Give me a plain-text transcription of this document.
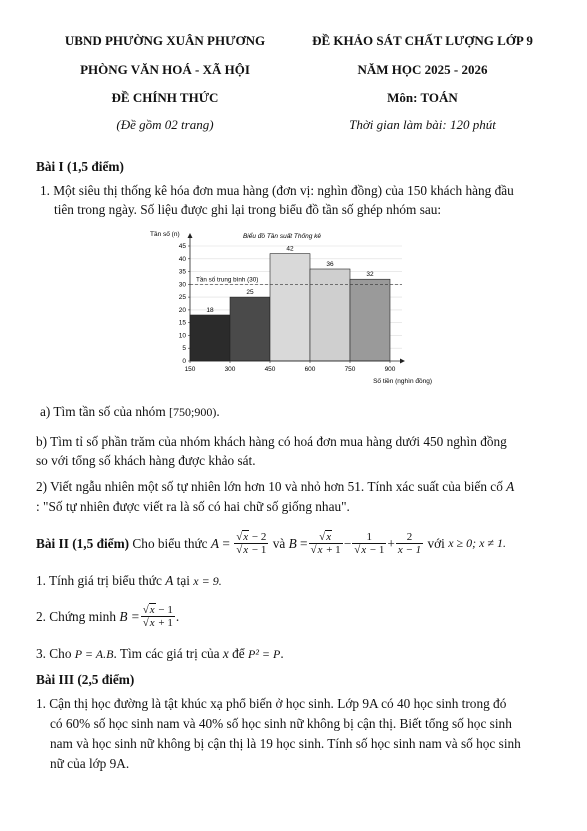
UBND PHƯỜNG XUÂN PHƯƠNG
PHÒNG VĂN HOÁ - XÃ HỘI
ĐỀ CHÍNH THỨC
(Đề gồm 02 trang)
ĐỀ KHẢO SÁT CHẤT LƯỢNG LỚP 9
NĂM HỌC 2025 - 2026
Môn: TOÁN
Thời gian làm bài: 120 phút
Bài I (1,5 điểm)
1. Một siêu thị thống kê hóa đơn mua hàng (đơn vị: nghìn đồng) của 150 khách hàng đầu
tiên trong ngày. Số liệu được ghi lại trong biểu đồ tần số ghép nhóm sau:
18
25
42
36
32
Tần số trung bình (30)
0
5
10
15
20
25
30
35
40
45
150	300	450	600	750	900
Biểu đồ Tần suất Thống kê
Tần số (n)
Số tiền (nghìn đồng)
a) Tìm tần số của nhóm [750;900).
b) Tìm tỉ số phần trăm của nhóm khách hàng có hoá đơn mua hàng dưới 450 nghìn đồng
so với tổng số khách hàng được khảo sát.
2) Viết ngẫu nhiên một số tự nhiên lớn hơn 10 và nhỏ hơn 51. Tính xác suất của biến cố A
: "Số tự nhiên được viết ra là số có hai chữ số giống nhau".
Bài II (1,5 điểm)
Cho biểu thức
$A = \frac{√x - 2}{√x - 1}$
và
$B = \frac{√x}{√x + 1} - \frac{1}{√x - 1} + \frac{2}{x - 1}$
với
x ≥ 0; x ≠ 1.
1. Tính giá trị biểu thức A tại x = 9.
2. Chứng minh
$B = \frac{√x - 1}{√x + 1}$ .
3. Cho P = A.B. Tìm các giá trị của x để P² = P.
Bài III (2,5 điểm)
1. Cận thị học đường là tật khúc xạ phổ biến ở học sinh. Lớp 9A có 40 học sinh trong đó
có 60% số học sinh nam và 40% số học sinh nữ không bị cận thị. Biết tổng số học sinh
nam và học sinh nữ không bị cận thị là 19 học sinh. Tính số học sinh nam và số học sinh
nữ của lớp 9A.
